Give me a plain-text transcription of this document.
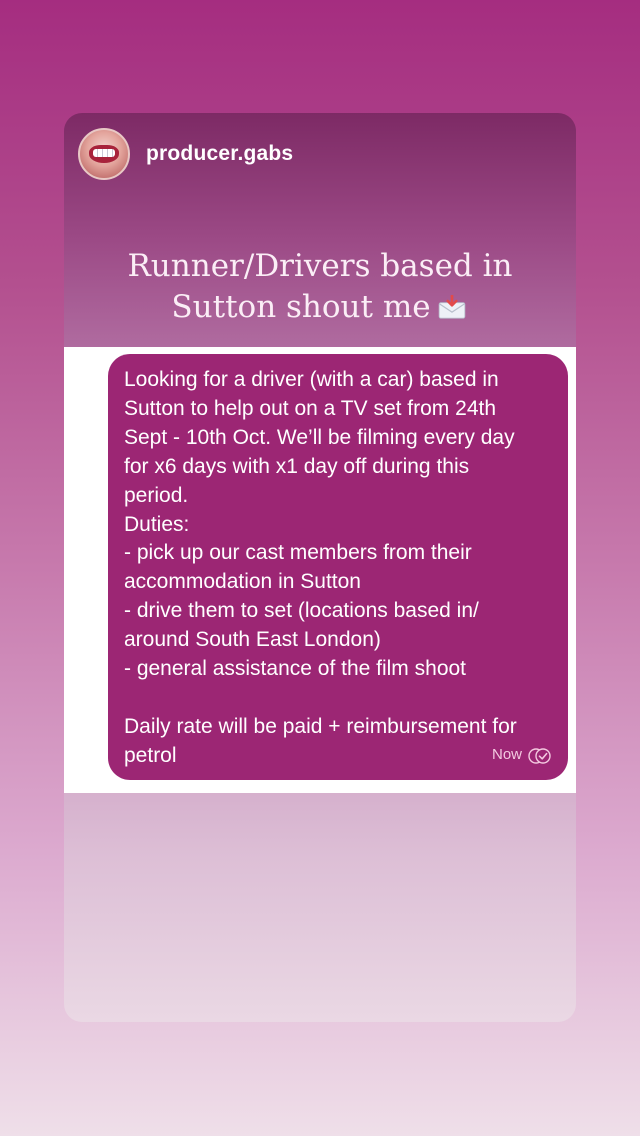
producer.gabs
Runner/Drivers based in
Sutton shout me

Looking for a driver (with a car) based in

Sutton to help out on a TV set from 24th

Sept - 10th Oct. We’ll be filming every day

for x6 days with x1 day off during this

period.

Duties:

- pick up our cast members from their

accommodation in Sutton

- drive them to set (locations based in/

around South East London)

- general assistance of the film shoot

Daily rate will be paid + reimbursement for

petrol	Now
